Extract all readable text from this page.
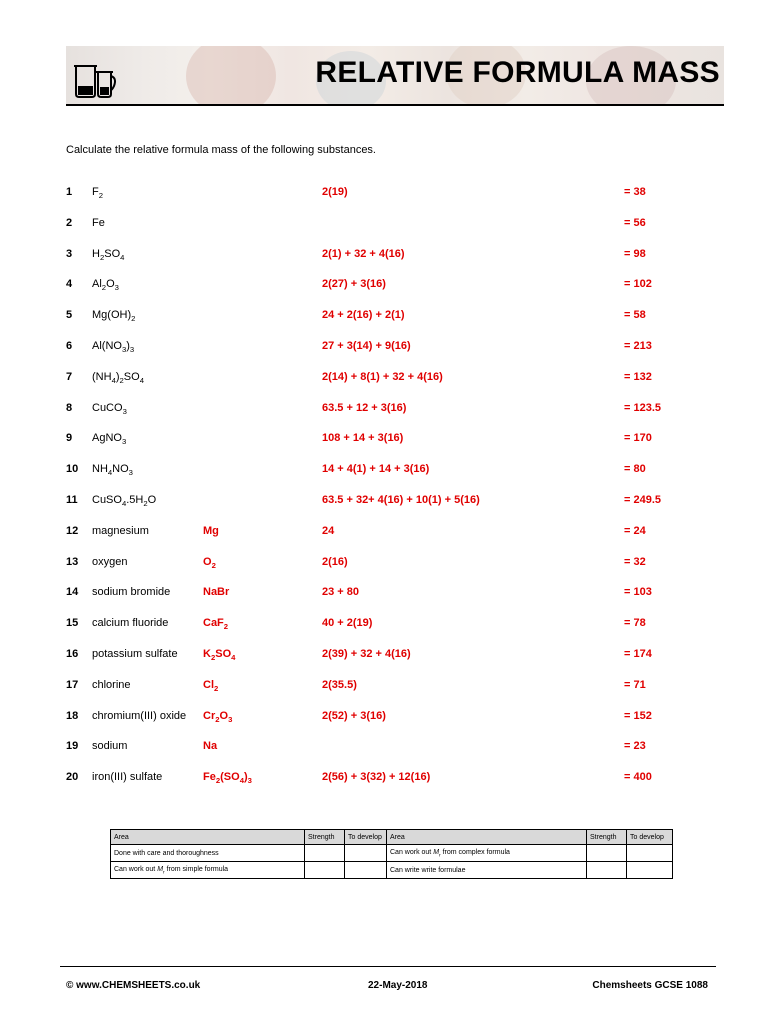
RELATIVE FORMULA MASS
Calculate the relative formula mass of the following substances.
1 $F_2$	2(19)	= 38
2 Fe	= 56
3 $H_2SO_4$	2(1) + 32 + 4(16)	= 98
4 $Al_2O_3$	2(27) + 3(16)	= 102
5 $Mg(OH)_2$	24 + 2(16) + 2(1)	= 58
6 $Al(NO_3)_3$	27 + 3(14) + 9(16)	= 213
7 $(NH_4)_2SO_4$	2(14) + 8(1) + 32 + 4(16)	= 132
8 CuCO$_3$	63.5 + 12 + 3(16)	= 123.5
9 AgNO$_3$	108 + 14 + 3(16)	= 170
10 $NH_4NO_3$	14 + 4(1) + 14 + 3(16)	= 80
11 $CuSO_4.5H_2O$	63.5 + 32+ 4(16) + 10(1) + 5(16)	= 249.5
12 magnesium	Mg	24	= 24
13 oxygen	$O_2$	2(16)	= 32
14 sodium bromide	NaBr	23 + 80	= 103
15 calcium fluoride	CaF$_2$	40 + 2(19)	= 78
16 potassium sulfate $K_2SO_4$	2(39) + 32 + 4(16)	= 174
17 chlorine	$Cl_2$	2(35.5)	= 71
18 chromium(III) oxide $Cr_2O_3$	2(52) + 3(16)	= 152
19 sodium	Na	= 23
20 iron(III) sulfate	$Fe_2(SO_4)_3$	2(56) + 3(32) + 12(16)	= 400
Area	Strength	To develop	Area	Strength	To develop
Done with care and thoroughness			Can work out $M_r$ from complex formula		
Can work out $M_r$ from simple formula			Can write write formulae		
© www.CHEMSHEETS.co.uk	22-May-2018	Chemsheets GCSE 1088
